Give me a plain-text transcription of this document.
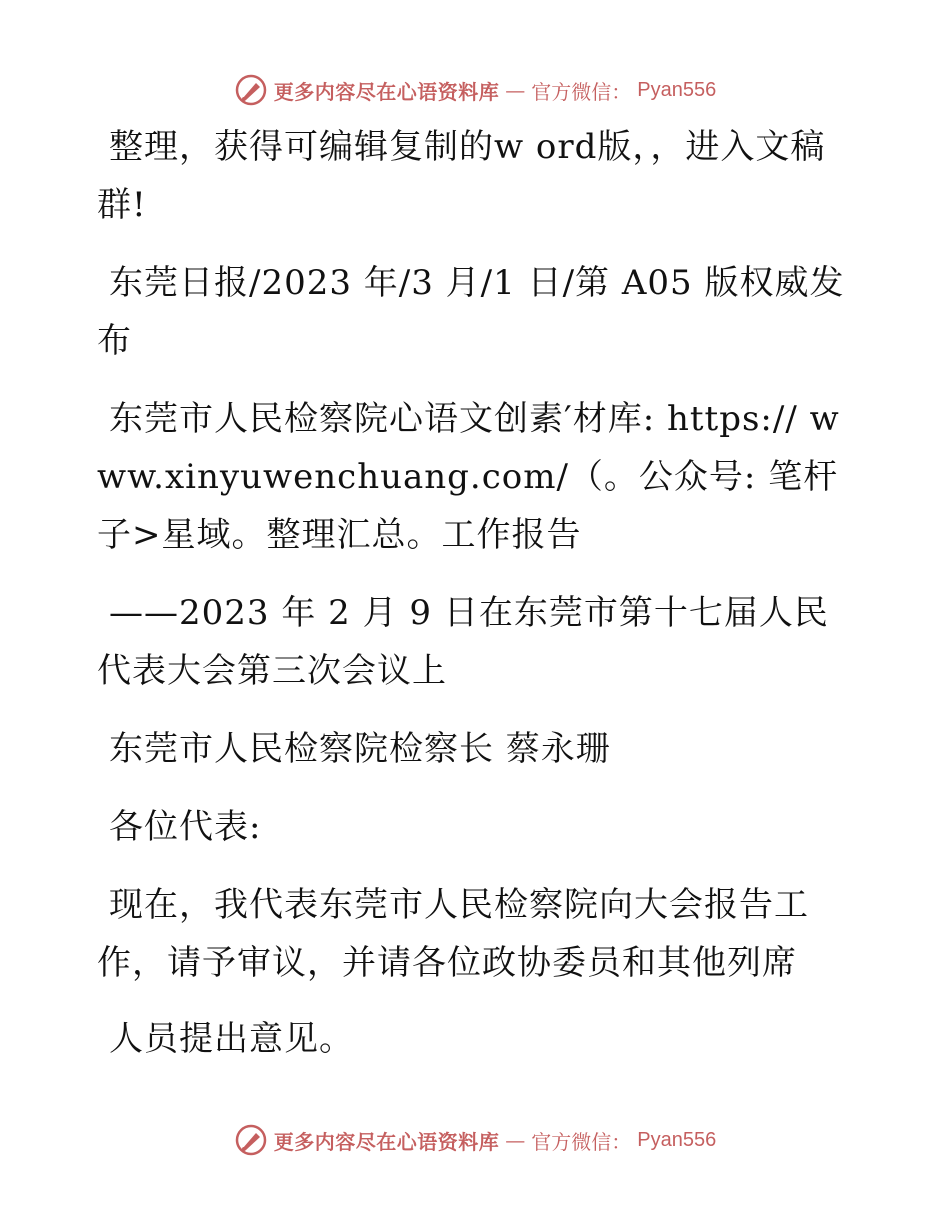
更多内容尽在心语资料库 — 官方微信： Pyan556

整理，获得可编辑复制的w ord版，，进入文稿群!

东莞日报/2023 年/3 月/1 日/第 A05 版权威发布

东莞市人民检察院心语文创素′材库: https:// www.xinyuwenchuang.com/（。公众号: 笔杆子>星域。整理汇总。工作报告

——2023 年 2 月 9 日在东莞市第十七届人民代表大会第三次会议上

东莞市人民检察院检察长 蔡永珊

各位代表:

现在，我代表东莞市人民检察院向大会报告工作，请予审议，并请各位政协委员和其他列席

人员提出意见。

更多内容尽在心语资料库 — 官方微信： Pyan556
